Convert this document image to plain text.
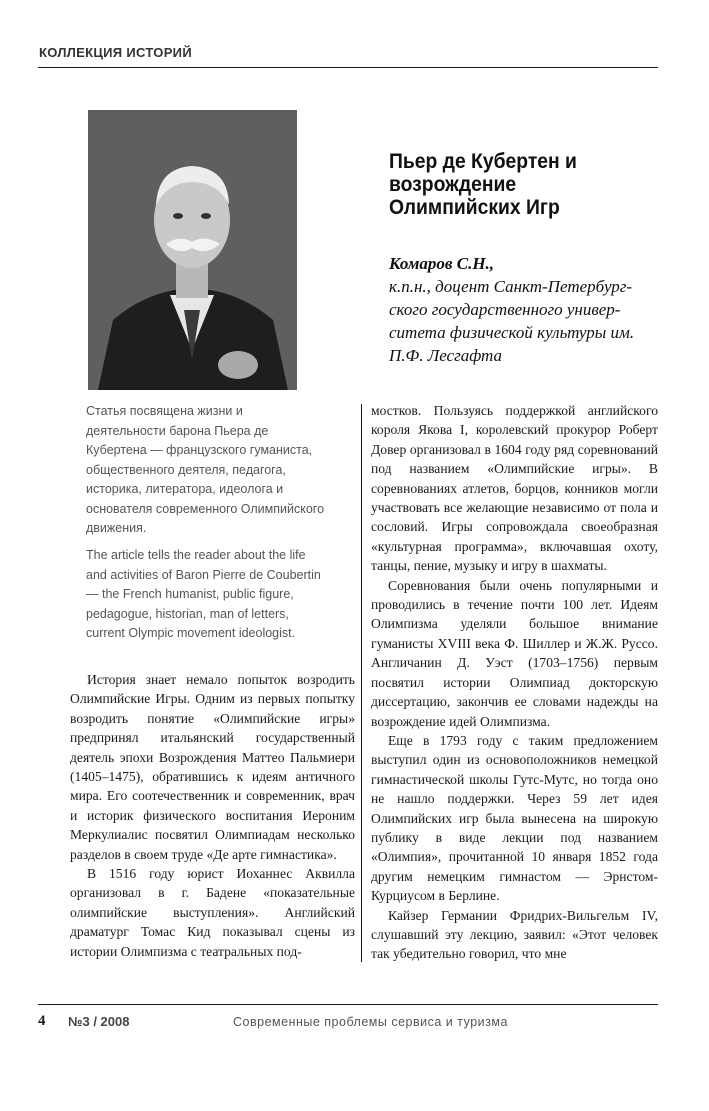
КОЛЛЕКЦИЯ ИСТОРИЙ
Пьер де Кубертен и возрождение Олимпийских Игр
Комаров С.Н.,
к.п.н., доцент Санкт-Петербург-ского государственного универ-ситета физической культуры им. П.Ф. Лесгафта
Статья посвящена жизни и деятельности барона Пьера де Кубертена — французского гуманиста, общественного деятеля, педагога, историка, литератора, идеолога и основателя современного Олимпийского движения.
The article tells the reader about the life and activities of Baron Pierre de Coubertin — the French humanist, public figure, pedagogue, historian, man of letters, current Olympic movement ideologist.

История знает немало попыток возродить Олимпийские Игры. Одним из первых попытку возродить понятие «Олимпийские игры» предпринял итальянский государственный деятель эпохи Возрождения Маттео Пальмиери (1405–1475), обратившись к идеям античного мира. Его соотечественник и современник, врач и историк физического воспитания Иероним Меркулиалис посвятил Олимпиадам несколько разделов в своем труде «Де арте гимнастика».

В 1516 году юрист Иоханнес Аквилла организовал в г. Бадене «показательные олимпийские выступления». Английский драматург Томас Кид показывал сцены из истории Олимпизма с театральных под-

мостков. Пользуясь поддержкой английского короля Якова I, королевский прокурор Роберт Довер организовал в 1604 году ряд соревнований под названием «Олимпийские игры». В соревнованиях атлетов, борцов, конников могли участвовать все желающие независимо от пола и сословий. Игры сопровождала своеобразная «культурная программа», включавшая охоту, танцы, пение, музыку и игру в шахматы.

Соревнования были очень популярными и проводились в течение почти 100 лет. Идеям Олимпизма уделяли большое внимание гуманисты XVIII века Ф. Шиллер и Ж.Ж. Руссо. Англичанин Д. Уэст (1703–1756) первым посвятил истории Олимпиад докторскую диссертацию, закончив ее словами надежды на возрождение идей Олимпизма.

Еще в 1793 году с таким предложением выступил один из основоположников немецкой гимнастической школы Гутс-Мутс, но тогда оно не нашло поддержки. Через 59 лет идея Олимпийских игр была вынесена на широкую публику в виде лекции под названием «Олимпия», прочитанной 10 января 1852 года другим немецким гимнастом — Эрнстом-Курциусом в Берлине.

Кайзер Германии Фридрих-Вильгельм IV, слушавший эту лекцию, заявил: «Этот человек так убедительно говорил, что мне

4 №3 / 2008	Современные проблемы сервиса и туризма
